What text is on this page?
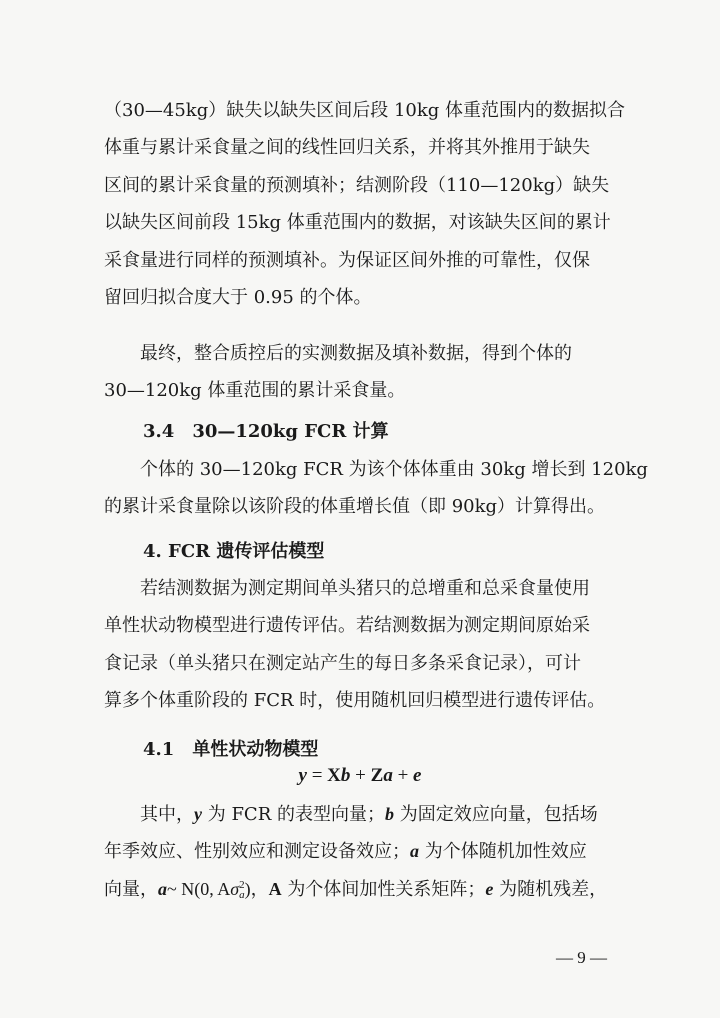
（30—45kg）缺失以缺失区间后段 10kg 体重范围内的数据拟合
体重与累计采食量之间的线性回归关系，并将其外推用于缺失
区间的累计采食量的预测填补；结测阶段（110—120kg）缺失
以缺失区间前段 15kg 体重范围内的数据，对该缺失区间的累计
采食量进行同样的预测填补。为保证区间外推的可靠性，仅保
留回归拟合度大于 0.95 的个体。
最终，整合质控后的实测数据及填补数据，得到个体的
30—120kg 体重范围的累计采食量。
3.4　30—120kg FCR 计算
个体的 30—120kg FCR 为该个体体重由 30kg 增长到 120kg
的累计采食量除以该阶段的体重增长值（即 90kg）计算得出。
4. FCR 遗传评估模型
若结测数据为测定期间单头猪只的总增重和总采食量使用
单性状动物模型进行遗传评估。若结测数据为测定期间原始采
食记录（单头猪只在测定站产生的每日多条采食记录），可计
算多个体重阶段的 FCR 时，使用随机回归模型进行遗传评估。
4.1　单性状动物模型
y = Xb + Za + e
其中，y 为 FCR 的表型向量；b 为固定效应向量，包括场
年季效应、性别效应和测定设备效应；a 为个体随机加性效应
向量，a~ N(0, Aσ 2
a )，A 为个体间加性关系矩阵；e 为随机残差，
— 9 —
